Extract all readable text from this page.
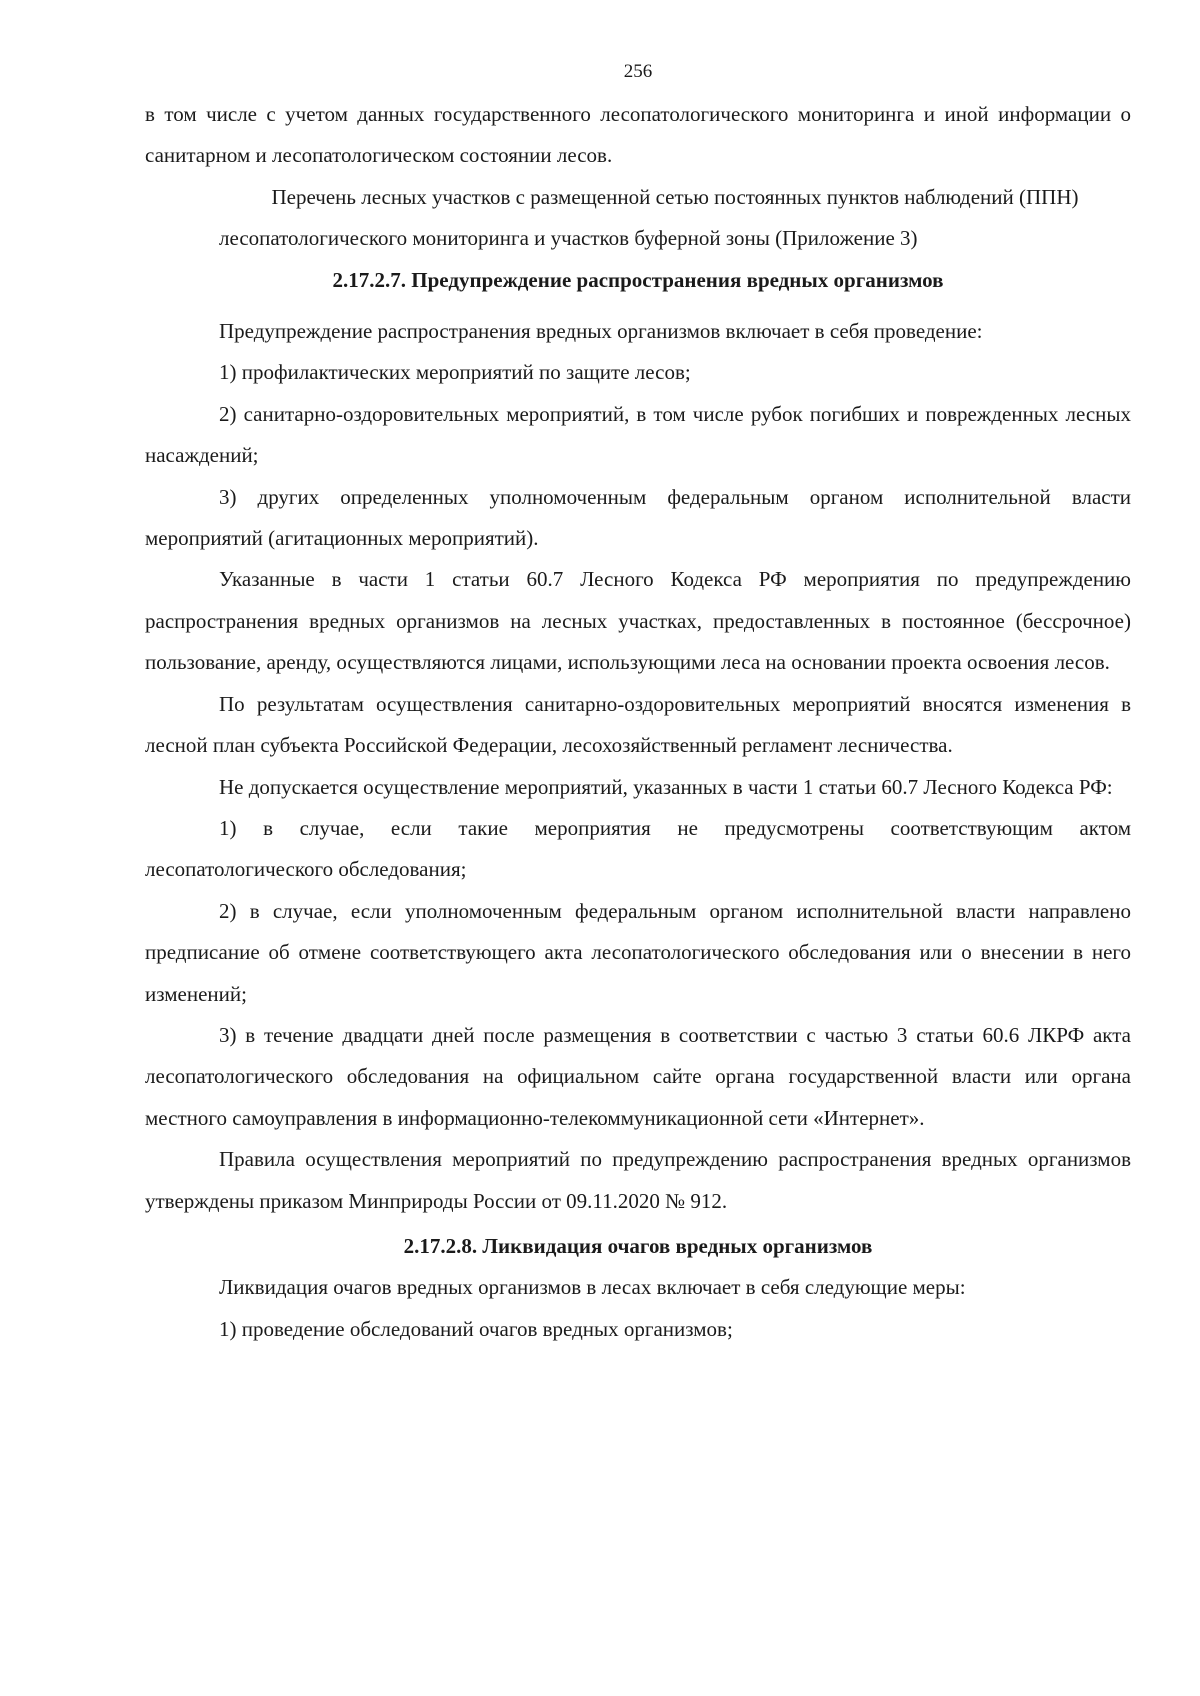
256

в том числе с учетом данных государственного лесопатологического мониторинга и иной информации о санитарном и лесопатологическом состоянии лесов.

Перечень лесных участков с размещенной сетью постоянных пунктов наблюдений (ППН) лесопатологического мониторинга и участков буферной зоны (Приложение 3)

2.17.2.7. Предупреждение распространения вредных организмов

Предупреждение распространения вредных организмов включает в себя проведение:

1) профилактических мероприятий по защите лесов;

2) санитарно-оздоровительных мероприятий, в том числе рубок погибших и поврежденных лесных насаждений;

3) других определенных уполномоченным федеральным органом исполнительной власти мероприятий (агитационных мероприятий).

Указанные в части 1 статьи 60.7 Лесного Кодекса РФ мероприятия по предупреждению распространения вредных организмов на лесных участках, предоставленных в постоянное (бессрочное) пользование, аренду, осуществляются лицами, использующими леса на основании проекта освоения лесов.

По результатам осуществления санитарно-оздоровительных мероприятий вносятся изменения в лесной план субъекта Российской Федерации, лесохозяйственный регламент лесничества.

Не допускается осуществление мероприятий, указанных в части 1 статьи 60.7 Лесного Кодекса РФ:

1) в случае, если такие мероприятия не предусмотрены соответствующим актом лесопатологического обследования;

2) в случае, если уполномоченным федеральным органом исполнительной власти направлено предписание об отмене соответствующего акта лесопатологического обследования или о внесении в него изменений;

3) в течение двадцати дней после размещения в соответствии с частью 3 статьи 60.6 ЛКРФ акта лесопатологического обследования на официальном сайте органа государственной власти или органа местного самоуправления в информационно-телекоммуникационной сети «Интернет».

Правила осуществления мероприятий по предупреждению распространения вредных организмов утверждены приказом Минприроды России от 09.11.2020 № 912.

2.17.2.8. Ликвидация очагов вредных организмов

Ликвидация очагов вредных организмов в лесах включает в себя следующие меры:

1) проведение обследований очагов вредных организмов;
